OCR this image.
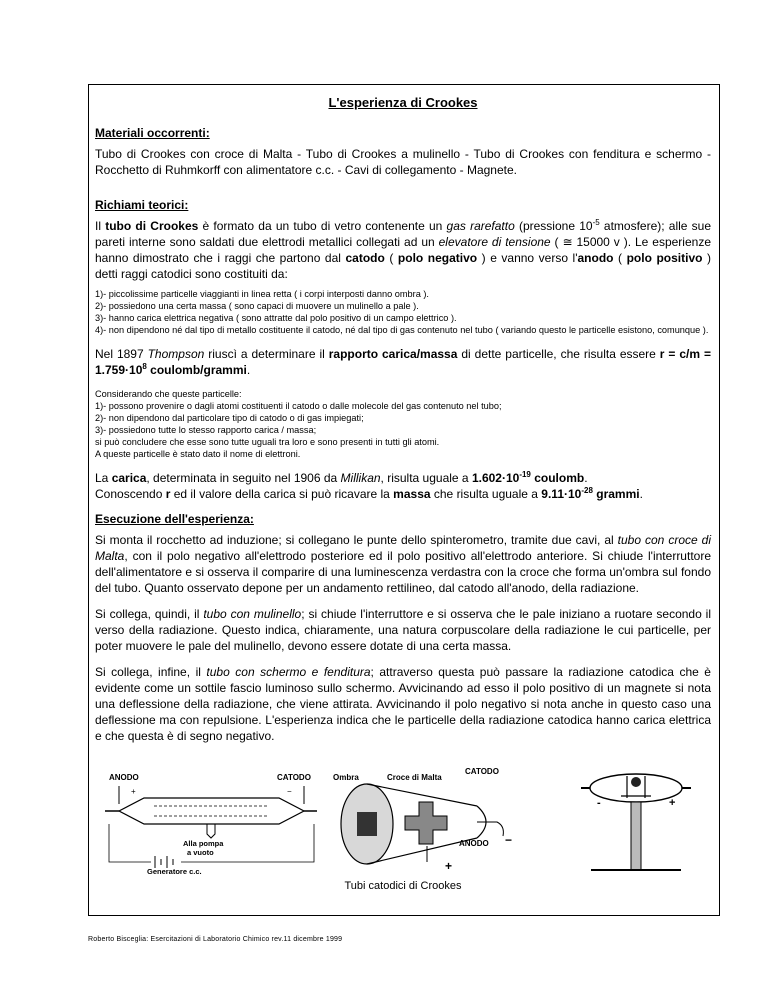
L'esperienza di Crookes
Materiali occorrenti:

Tubo di Crookes con croce di Malta - Tubo di Crookes a mulinello - Tubo di Crookes con fenditura e schermo - Rocchetto di Ruhmkorff con alimentatore c.c. - Cavi di collegamento - Magnete.

Richiami teorici:

Il tubo di Crookes è formato da un tubo di vetro contenente un gas rarefatto (pressione $10^{-5}$ atmosfere); alle sue pareti interne sono saldati due elettrodi metallici collegati ad un elevatore di tensione ( ≅ 15000 v ). Le esperienze hanno dimostrato che i raggi che partono dal catodo ( polo negativo ) e vanno verso l'anodo ( polo positivo ) detti raggi catodici sono costituiti da:

1)- piccolissime particelle viaggianti in linea retta ( i corpi interposti danno ombra ).

2)- possiedono una certa massa ( sono capaci di muovere un mulinello a pale ).

3)- hanno carica elettrica negativa ( sono attratte dal polo positivo di un campo elettrico ).

4)- non dipendono né dal tipo di metallo costituente il catodo, né dal tipo di gas contenuto nel tubo ( variando questo le particelle esistono, comunque ).

Nel 1897 Thompson riuscì a determinare il rapporto carica/massa di dette particelle, che risulta essere $r = c/m = 1.759\cdot 10^8$ coulomb/grammi.

Considerando che queste particelle:

1)- possono provenire o dagli atomi costituenti il catodo o dalle molecole del gas contenuto nel tubo;

2)- non dipendono dal particolare tipo di catodo o di gas impiegati;

3)- possiedono tutte lo stesso rapporto carica / massa;

si può concludere che esse sono tutte uguali tra loro e sono presenti in tutti gli atomi.

A queste particelle è stato dato il nome di elettroni.

La carica, determinata in seguito nel 1906 da Millikan, risulta uguale a $1.602\cdot 10^{-19}$ coulomb.
Conoscendo r ed il valore della carica si può ricavare la massa che risulta uguale a $9.11\cdot 10^{-28}$ grammi.

Esecuzione dell'esperienza:

Si monta il rocchetto ad induzione; si collegano le punte dello spinterometro, tramite due cavi, al tubo con croce di Malta, con il polo negativo all'elettrodo posteriore ed il polo positivo all'elettrodo anteriore. Si chiude l'interruttore dell'alimentatore e si osserva il comparire di una luminescenza verdastra con la croce che forma un'ombra sul fondo del tubo. Quanto osservato depone per un andamento rettilineo, dal catodo all'anodo, della radiazione.

Si collega, quindi, il tubo con mulinello; si chiude l'interruttore e si osserva che le pale iniziano a ruotare secondo il verso della radiazione. Questo indica, chiaramente, una natura corpuscolare della radiazione le cui particelle, per poter muovere le pale del mulinello, devono essere dotate di una certa massa.

Si collega, infine, il tubo con schermo e fenditura; attraverso questa può passare la radiazione catodica che è evidente come un sottile fascio luminoso sullo schermo. Avvicinando ad esso il polo positivo di un magnete si nota una deflessione della radiazione, che viene attirata. Avvicinando il polo negativo si nota anche in questo caso una deflessione ma con repulsione. L'esperienza indica che le particelle della radiazione catodica hanno carica elettrica e che questa è di segno negativo.

ANODO	CATODO
+	−
Alla pompa
a vuoto
Generatore c.c.
Ombra	Croce di Malta
CATODO
−
ANODO
+
-	+
Tubi catodici di Crookes
Roberto Bisceglia: Esercitazioni di Laboratorio Chimico rev.11 dicembre 1999
